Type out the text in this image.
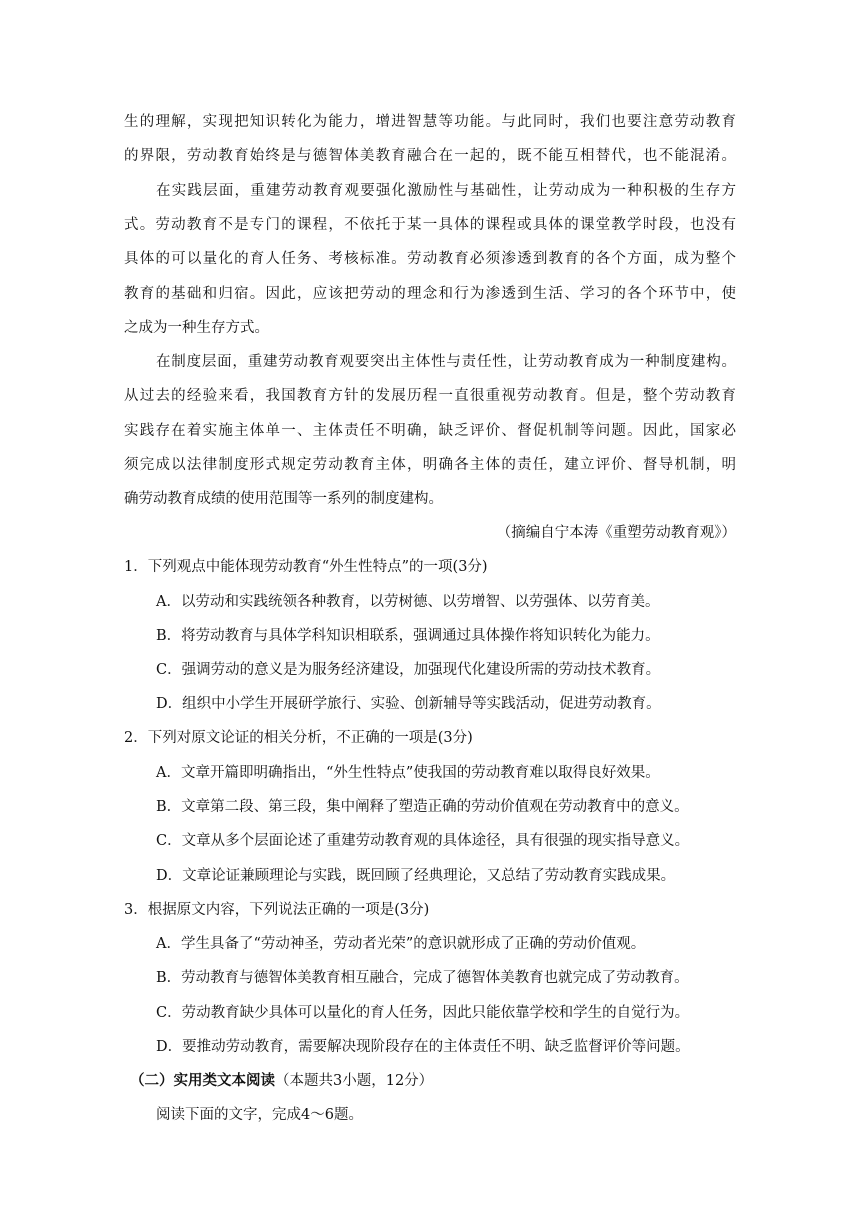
生的理解，实现把知识转化为能力，增进智慧等功能。与此同时，我们也要注意劳动教育
的界限，劳动教育始终是与德智体美教育融合在一起的，既不能互相替代，也不能混淆。
在实践层面，重建劳动教育观要强化激励性与基础性，让劳动成为一种积极的生存方
式。劳动教育不是专门的课程，不依托于某一具体的课程或具体的课堂教学时段，也没有
具体的可以量化的育人任务、考核标准。劳动教育必须渗透到教育的各个方面，成为整个
教育的基础和归宿。因此，应该把劳动的理念和行为渗透到生活、学习的各个环节中，使
之成为一种生存方式。
在制度层面，重建劳动教育观要突出主体性与责任性，让劳动教育成为一种制度建构。
从过去的经验来看，我国教育方针的发展历程一直很重视劳动教育。但是，整个劳动教育
实践存在着实施主体单一、主体责任不明确，缺乏评价、督促机制等问题。因此，国家必
须完成以法律制度形式规定劳动教育主体，明确各主体的责任，建立评价、督导机制，明
确劳动教育成绩的使用范围等一系列的制度建构。
（摘编自宁本涛《重塑劳动教育观》）
1．下列观点中能体现劳动教育“外生性特点”的一项(3分)
A．以劳动和实践统领各种教育，以劳树德、以劳增智、以劳强体、以劳育美。
B．将劳动教育与具体学科知识相联系，强调通过具体操作将知识转化为能力。
C．强调劳动的意义是为服务经济建设，加强现代化建设所需的劳动技术教育。
D．组织中小学生开展研学旅行、实验、创新辅导等实践活动，促进劳动教育。
2．下列对原文论证的相关分析，不正确的一项是(3分)
A．文章开篇即明确指出，“外生性特点”使我国的劳动教育难以取得良好效果。
B．文章第二段、第三段，集中阐释了塑造正确的劳动价值观在劳动教育中的意义。
C．文章从多个层面论述了重建劳动教育观的具体途径，具有很强的现实指导意义。
D．文章论证兼顾理论与实践，既回顾了经典理论，又总结了劳动教育实践成果。
3．根据原文内容，下列说法正确的一项是(3分)
A．学生具备了“劳动神圣，劳动者光荣”的意识就形成了正确的劳动价值观。
B．劳动教育与德智体美教育相互融合，完成了德智体美教育也就完成了劳动教育。
C．劳动教育缺少具体可以量化的育人任务，因此只能依靠学校和学生的自觉行为。
D．要推动劳动教育，需要解决现阶段存在的主体责任不明、缺乏监督评价等问题。
（二）实用类文本阅读（本题共3小题，12分）
阅读下面的文字，完成4～6题。
